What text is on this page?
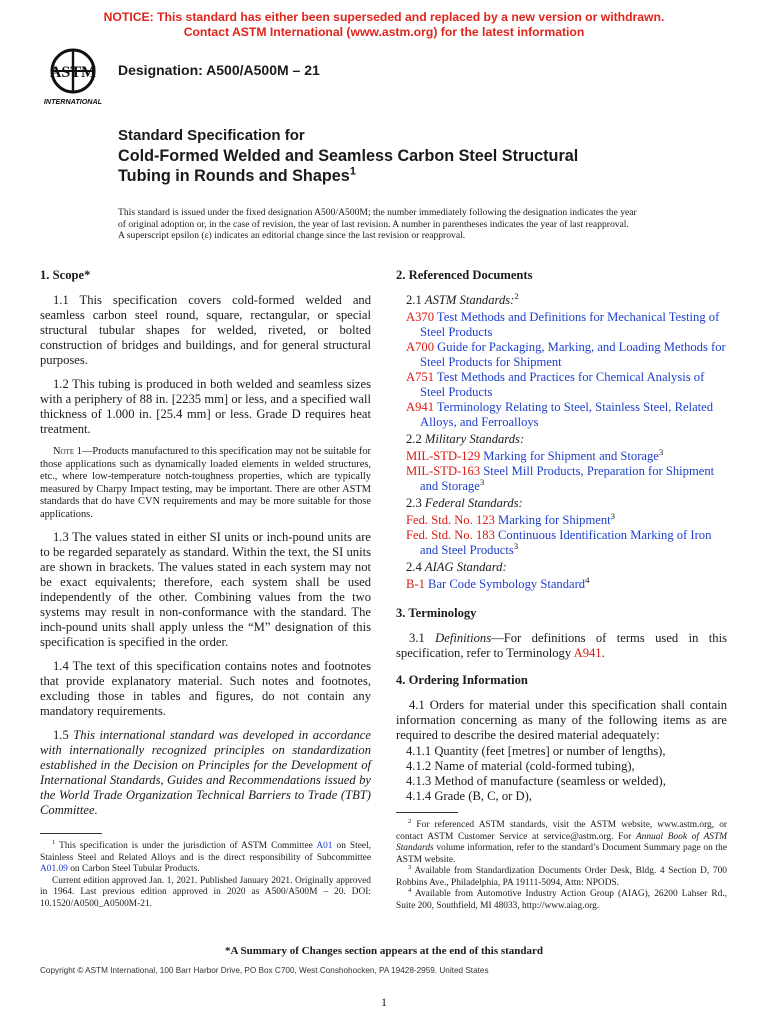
NOTICE: This standard has either been superseded and replaced by a new version or withdrawn.
Contact ASTM International (www.astm.org) for the latest information
ASTM
INTERNATIONAL
Designation: A500/A500M – 21
Standard Specification for
Cold-Formed Welded and Seamless Carbon Steel Structural
Tubing in Rounds and Shapes$^1$
This standard is issued under the fixed designation A500/A500M; the number immediately following the designation indicates the year
of original adoption or, in the case of revision, the year of last revision. A number in parentheses indicates the year of last reapproval.
A superscript epsilon (ε) indicates an editorial change since the last revision or reapproval.
1. Scope*

1.1 This specification covers cold-formed welded and seamless carbon steel round, square, rectangular, or special structural tubular shapes for welded, riveted, or bolted construction of bridges and buildings, and for general structural purposes.

1.2 This tubing is produced in both welded and seamless sizes with a periphery of 88 in. [2235 mm] or less, and a specified wall thickness of 1.000 in. [25.4 mm] or less. Grade D requires heat treatment.

Note 1—Products manufactured to this specification may not be suitable for those applications such as dynamically loaded elements in welded structures, etc., where low-temperature notch-toughness properties, which are typically measured by Charpy Impact testing, may be important. There are other ASTM standards that do have CVN requirements and may be more suitable for those applications.

1.3 The values stated in either SI units or inch-pound units are to be regarded separately as standard. Within the text, the SI units are shown in brackets. The values stated in each system may not be exact equivalents; therefore, each system shall be used independently of the other. Combining values from the two systems may result in non-conformance with the standard. The inch-pound units shall apply unless the “M” designation of this specification is specified in the order.

1.4 The text of this specification contains notes and footnotes that provide explanatory material. Such notes and footnotes, excluding those in tables and figures, do not contain any mandatory requirements.

1.5 This international standard was developed in accordance with internationally recognized principles on standardization established in the Decision on Principles for the Development of International Standards, Guides and Recommendations issued by the World Trade Organization Technical Barriers to Trade (TBT) Committee.

2. Referenced Documents
2.1 ASTM Standards:$^2$
A370 Test Methods and Definitions for Mechanical Testing of Steel Products
A700 Guide for Packaging, Marking, and Loading Methods for Steel Products for Shipment
A751 Test Methods and Practices for Chemical Analysis of Steel Products
A941 Terminology Relating to Steel, Stainless Steel, Related Alloys, and Ferroalloys
2.2 Military Standards:
MIL-STD-129 Marking for Shipment and Storage$^3$
MIL-STD-163 Steel Mill Products, Preparation for Shipment and Storage$^3$
2.3 Federal Standards:
Fed. Std. No. 123 Marking for Shipment$^3$
Fed. Std. No. 183 Continuous Identification Marking of Iron and Steel Products$^3$
2.4 AIAG Standard:
B-1 Bar Code Symbology Standard$^4$
3. Terminology

3.1 Definitions—For definitions of terms used in this specification, refer to Terminology A941.

4. Ordering Information

4.1 Orders for material under this specification shall contain information concerning as many of the following items as are required to describe the desired material adequately:

4.1.1 Quantity (feet [metres] or number of lengths),
4.1.2 Name of material (cold-formed tubing),
4.1.3 Method of manufacture (seamless or welded),
4.1.4 Grade (B, C, or D),

$^1$ This specification is under the jurisdiction of ASTM Committee A01 on Steel, Stainless Steel and Related Alloys and is the direct responsibility of Subcommittee A01.09 on Carbon Steel Tubular Products.

Current edition approved Jan. 1, 2021. Published January 2021. Originally approved in 1964. Last previous edition approved in 2020 as A500/A500M – 20. DOI: 10.1520/A0500_A0500M-21.

$^2$ For referenced ASTM standards, visit the ASTM website, www.astm.org, or contact ASTM Customer Service at service@astm.org. For Annual Book of ASTM Standards volume information, refer to the standard’s Document Summary page on the ASTM website.

$^3$ Available from Standardization Documents Order Desk, Bldg. 4 Section D, 700 Robbins Ave., Philadelphia, PA 19111-5094, Attn: NPODS.

$^4$ Available from Automotive Industry Action Group (AIAG), 26200 Lahser Rd., Suite 200, Southfield, MI 48033, http://www.aiag.org.

*A Summary of Changes section appears at the end of this standard
Copyright © ASTM International, 100 Barr Harbor Drive, PO Box C700, West Conshohocken, PA 19428-2959. United States
1
